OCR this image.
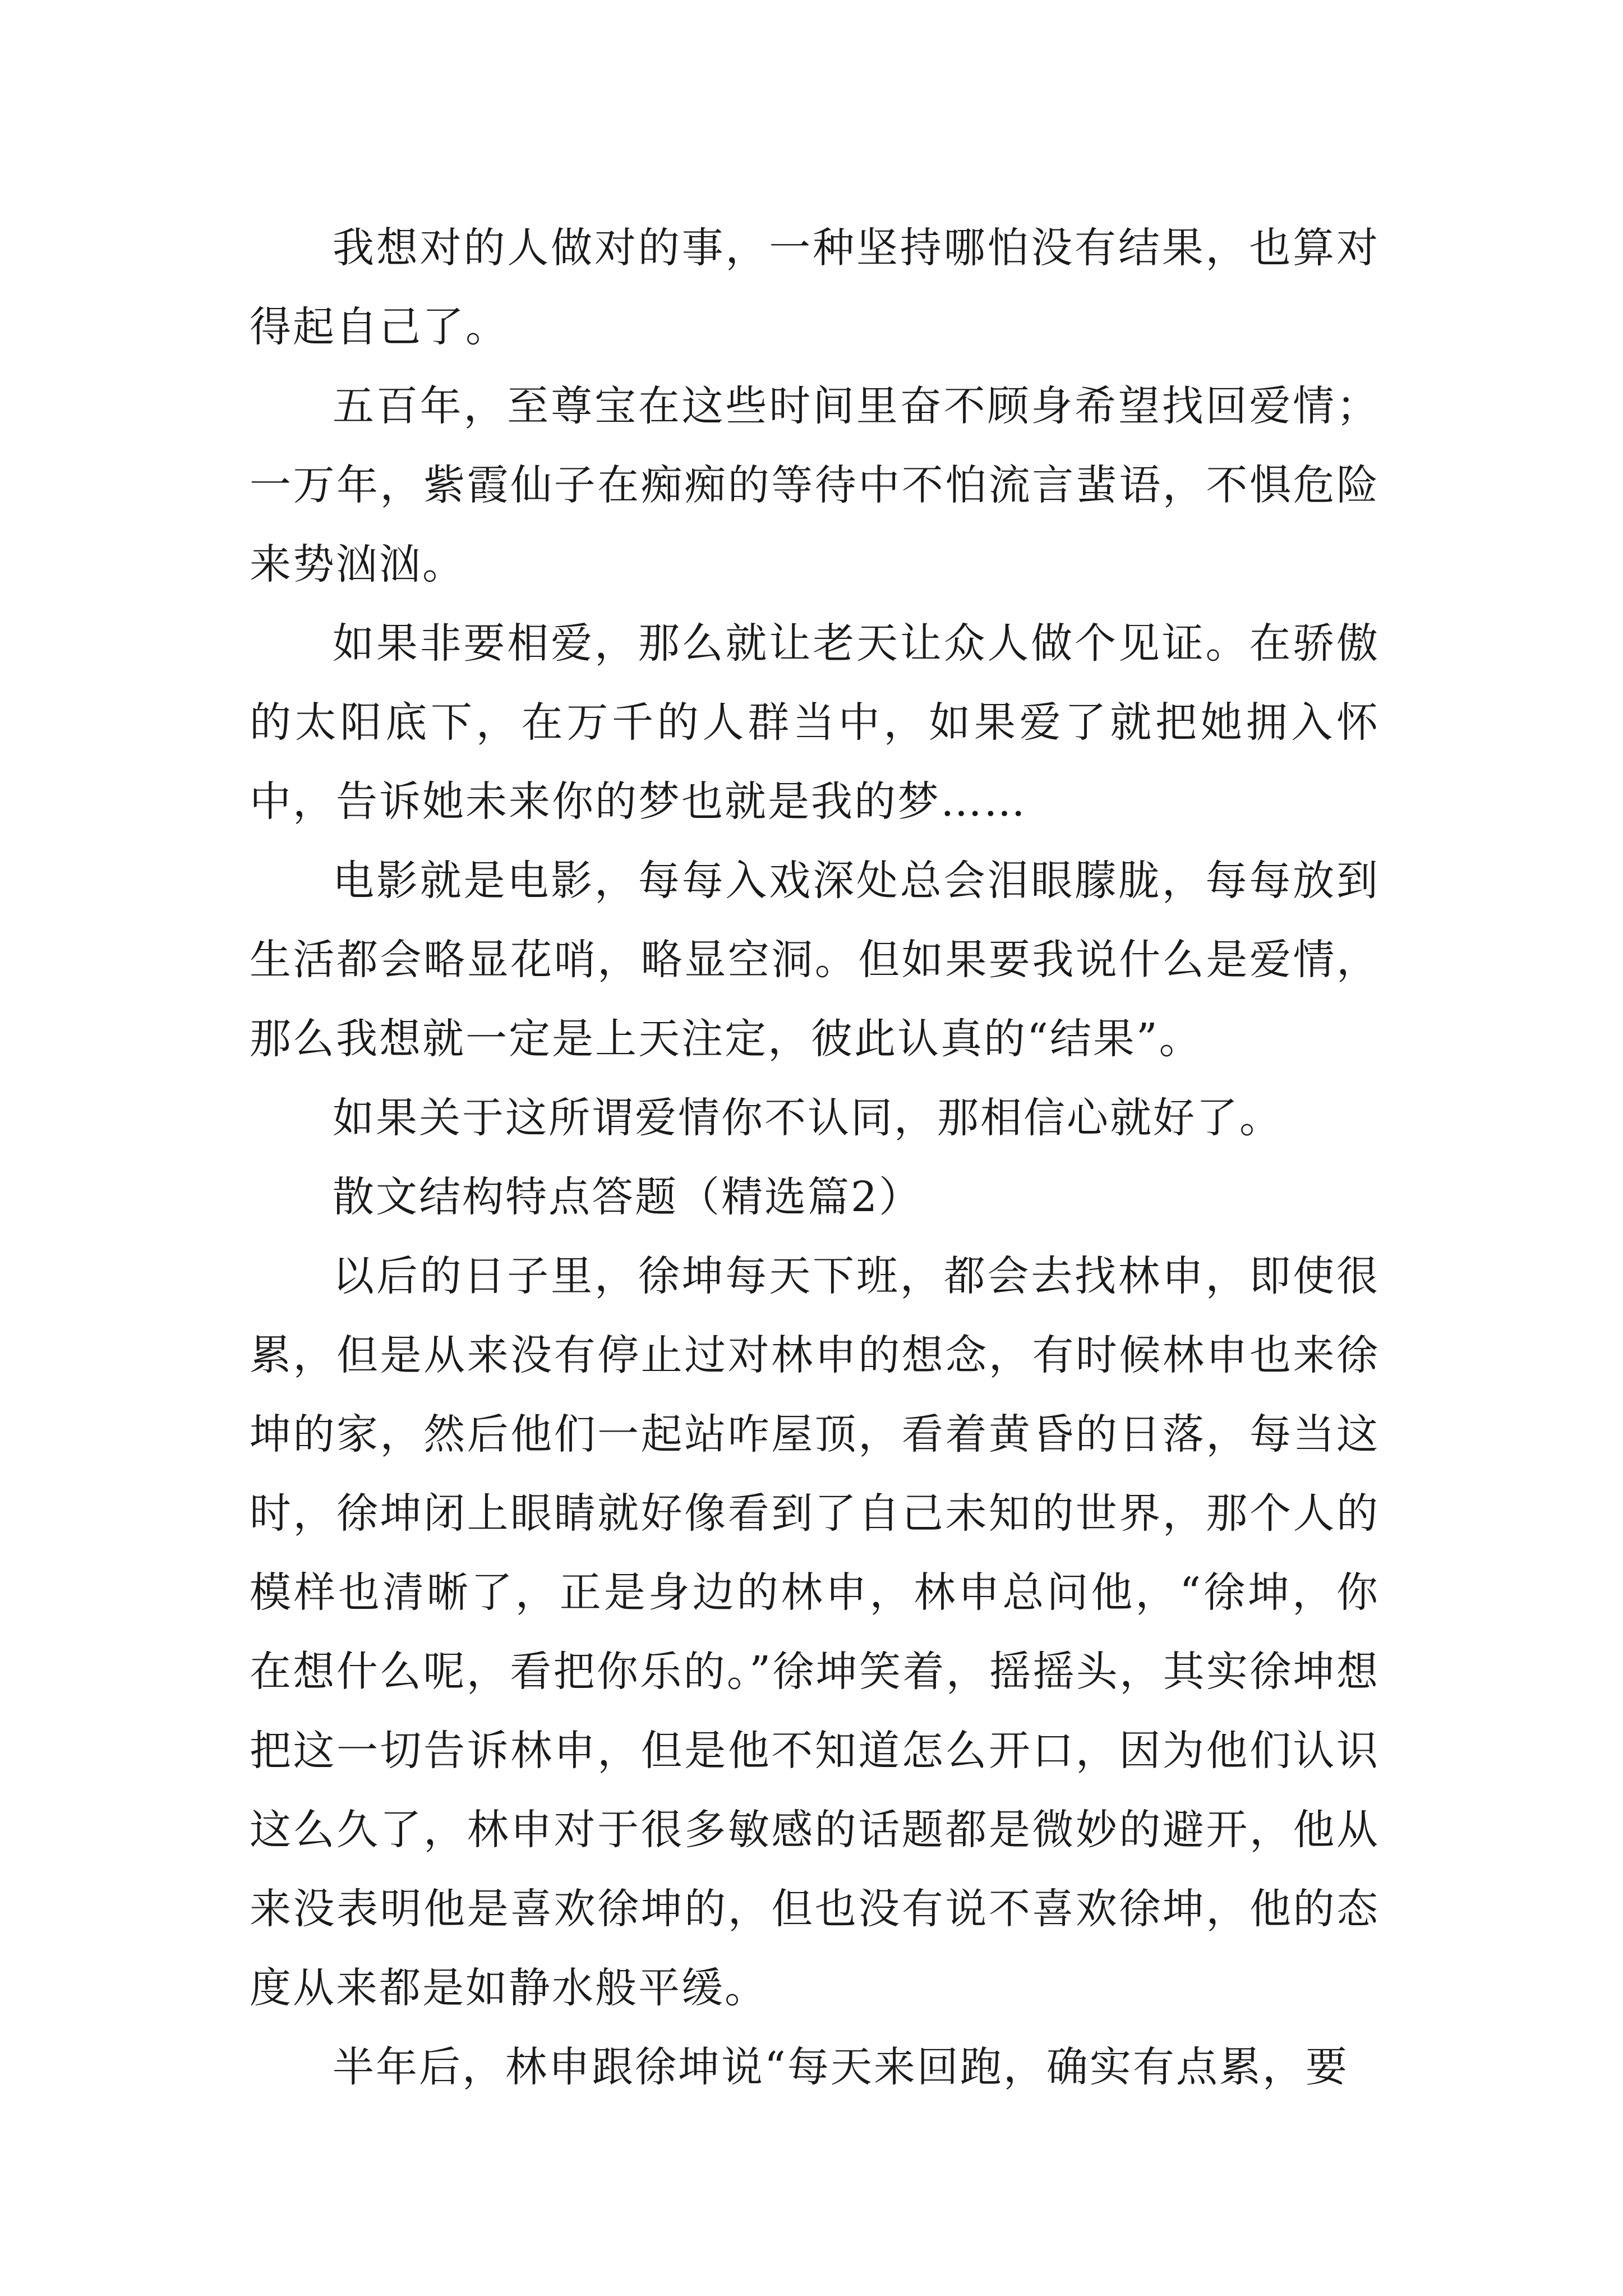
我想对的人做对的事，一种坚持哪怕没有结果，也算对得起自己了。

五百年，至尊宝在这些时间里奋不顾身希望找回爱情；一万年，紫霞仙子在痴痴的等待中不怕流言蜚语，不惧危险来势汹汹。

如果非要相爱，那么就让老天让众人做个见证。在骄傲的太阳底下，在万千的人群当中，如果爱了就把她拥入怀中，告诉她未来你的梦也就是我的梦……

电影就是电影，每每入戏深处总会泪眼朦胧，每每放到生活都会略显花哨，略显空洞。但如果要我说什么是爱情，那么我想就一定是上天注定，彼此认真的“结果”。

如果关于这所谓爱情你不认同，那相信心就好了。

散文结构特点答题（精选篇2）

以后的日子里，徐坤每天下班，都会去找林申，即使很累，但是从来没有停止过对林申的想念，有时候林申也来徐坤的家，然后他们一起站咋屋顶，看着黄昏的日落，每当这时，徐坤闭上眼睛就好像看到了自己未知的世界，那个人的模样也清晰了，正是身边的林申，林申总问他，“徐坤，你在想什么呢，看把你乐的。”徐坤笑着，摇摇头，其实徐坤想把这一切告诉林申，但是他不知道怎么开口，因为他们认识这么久了，林申对于很多敏感的话题都是微妙的避开，他从来没表明他是喜欢徐坤的，但也没有说不喜欢徐坤，他的态度从来都是如静水般平缓。

半年后，林申跟徐坤说“每天来回跑，确实有点累，要
